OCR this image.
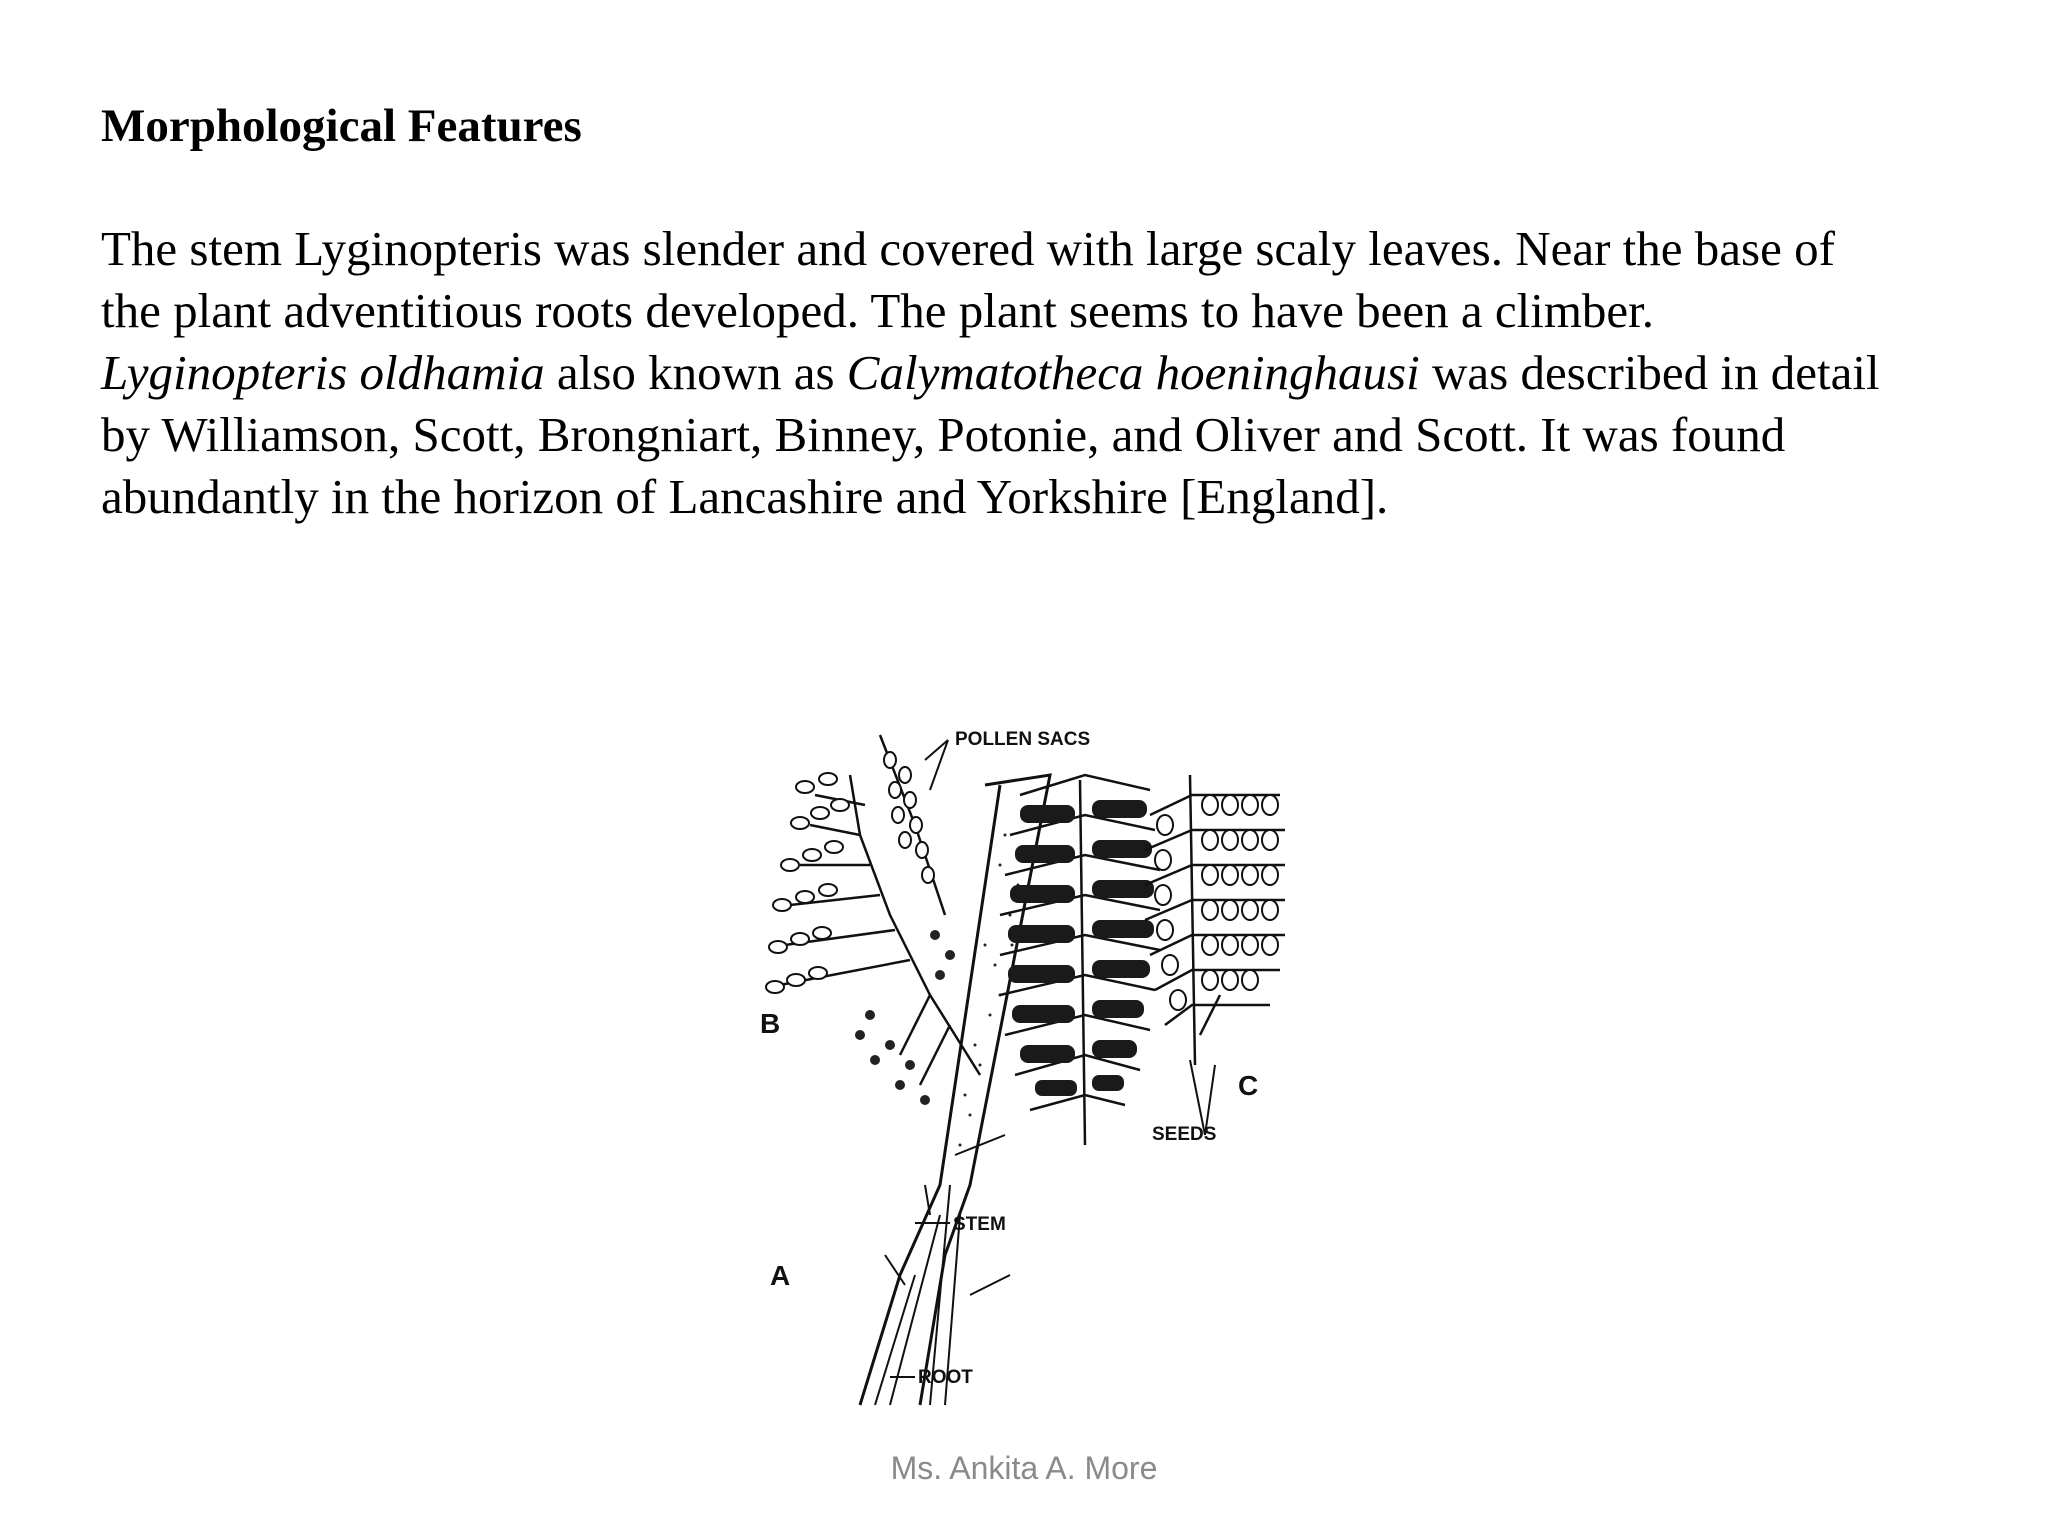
Morphological Features
The stem Lyginopteris was slender and covered with large scaly leaves. Near the base of
the plant adventitious roots developed. The plant seems to have been a climber.
Lyginopteris oldhamia also known as Calymatotheca hoeninghausi was described in detail
by Williamson, Scott, Brongniart, Binney, Potonie, and Oliver and Scott. It was found
abundantly in the horizon of Lancashire and Yorkshire [England].
POLLEN SACS
SEEDS
STEM
ROOT
B
C
A
Ms. Ankita A. More
